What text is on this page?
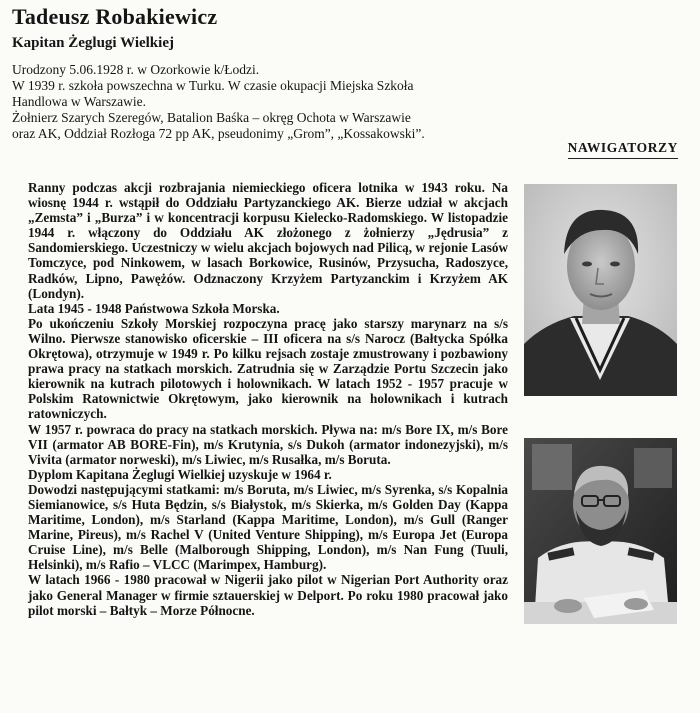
Tadeusz Robakiewicz
Kapitan Żeglugi Wielkiej

Urodzony 5.06.1928 r. w Ozorkowie k/Łodzi.

W 1939 r. szkoła powszechna w Turku. W czasie okupacji Miejska Szkoła

Handlowa w Warszawie.

Żołnierz Szarych Szeregów, Batalion Baśka – okręg Ochota w Warszawie

oraz AK, Oddział Rozłoga 72 pp AK, pseudonimy „Grom”, „Kossakowski”.

NAWIGATORZY

Ranny podczas akcji rozbrajania niemieckiego oficera lotnika w 1943 roku. Na wiosnę 1944 r. wstąpił do Oddziału Partyzanckiego AK. Bierze udział w akcjach „Zemsta” i „Burza” i w koncentracji korpusu Kielecko-Radomskiego. W listopadzie 1944 r. włączony do Oddziału AK złożonego z żołnierzy „Jędrusia” z Sandomierskiego. Uczestniczy w wielu akcjach bojowych nad Pilicą, w rejonie Lasów Tomczyce, pod Ninkowem, w lasach Borkowice, Rusinów, Przysucha, Radoszyce, Radków, Lipno, Pawężów. Odznaczony Krzyżem Partyzanckim i Krzyżem AK (Londyn).

Lata 1945 - 1948 Państwowa Szkoła Morska.

Po ukończeniu Szkoły Morskiej rozpoczyna pracę jako starszy marynarz na s/s Wilno. Pierwsze stanowisko oficerskie – III oficera na s/s Narocz (Bałtycka Spółka Okrętowa), otrzymuje w 1949 r. Po kilku rejsach zostaje zmustrowany i pozbawiony prawa pracy na statkach morskich. Zatrudnia się w Zarządzie Portu Szczecin jako kierownik na kutrach pilotowych i holownikach. W latach 1952 - 1957 pracuje w Polskim Ratownictwie Okrętowym, jako kierownik na holownikach i kutrach ratowniczych.

W 1957 r. powraca do pracy na statkach morskich. Pływa na: m/s Bore IX, m/s Bore VII (armator AB BORE-Fin), m/s Krutynia, s/s Dukoh (armator indonezyjski), m/s Vivita (armator norweski), m/s Liwiec, m/s Rusałka, m/s Boruta.

Dyplom Kapitana Żeglugi Wielkiej uzyskuje w 1964 r.

Dowodzi następującymi statkami: m/s Boruta, m/s Liwiec, m/s Syrenka, s/s Kopalnia Siemianowice, s/s Huta Będzin, s/s Białystok, m/s Skierka, m/s Golden Day (Kappa Maritime, London), m/s Starland (Kappa Maritime, London), m/s Gull (Ranger Marine, Pireus), m/s Rachel V (United Venture Shipping), m/s Europa Jet (Europa Cruise Line), m/s Belle (Malborough Shipping, London), m/s Nan Fung (Tuuli, Helsinki), m/s Rafio – VLCC (Marimpex, Hamburg).

W latach 1966 - 1980 pracował w Nigerii jako pilot w Nigerian Port Authority oraz jako General Manager w firmie sztauerskiej w Delport. Po roku 1980 pracował jako pilot morski – Bałtyk – Morze Północne.
